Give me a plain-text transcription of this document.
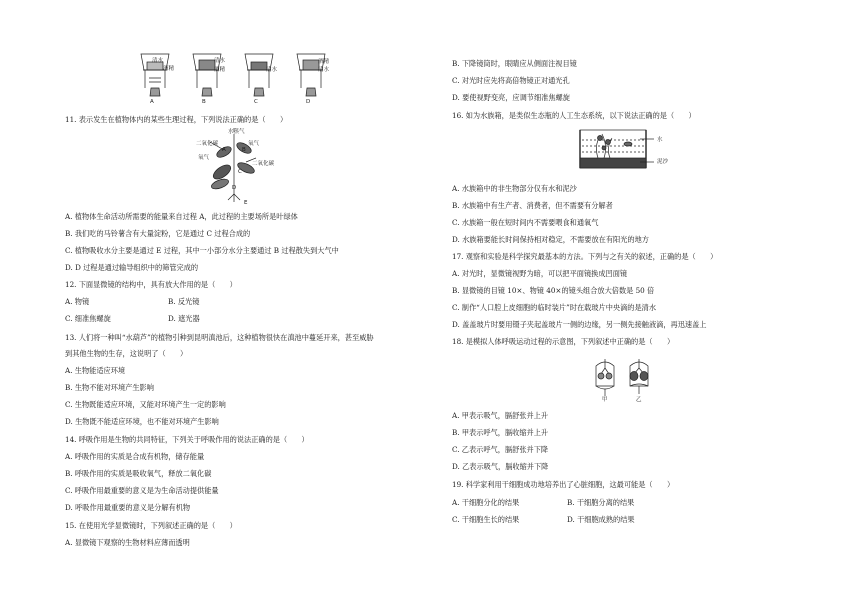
酒精
清水	清水
酒精	清水
酒精
清水
A	B	C	D
11. 表示发生在植物体内的某些生理过程，下列说法正确的是（　　）
水蒸气
二氧化碳
氧气
氧气
二氧化碳
A	B
C
D
E
A. 植物体生命活动所需要的能量来自过程 A，此过程的主要场所是叶绿体
B. 我们吃的马铃薯含有大量淀粉，它是通过 C 过程合成的
C. 植物吸收水分主要是通过 E 过程，其中一小部分水分主要通过 B 过程散失到大气中
D. D 过程是通过输导组织中的筛管完成的
12. 下面显微镜的结构中，具有放大作用的是（　　）
A. 物镜	B. 反光镜
C. 细准焦螺旋	D. 遮光器
13. 人们将一种叫“水葫芦”的植物引种到昆明滇池后，这种植物很快在滇池中蔓延开来，甚至威胁
到其他生物的生存，这说明了（　　）
A. 生物能适应环境
B. 生物不能对环境产生影响
C. 生物既能适应环境，又能对环境产生一定的影响
D. 生物既不能适应环境，也不能对环境产生影响
14. 呼吸作用是生物的共同特征，下列关于呼吸作用的说法正确的是（　　）
A. 呼吸作用的实质是合成有机物，储存能量
B. 呼吸作用的实质是吸收氧气，释放二氧化碳
C. 呼吸作用最重要的意义是为生命活动提供能量
D. 呼吸作用最重要的意义是分解有机物
15. 在使用光学显微镜时，下列叙述正确的是（　　）
A. 显微镜下观察的生物材料应薄而透明
B. 下降镜筒时，眼睛应从侧面注视目镜
C. 对光时应先将高倍物镜正对通光孔
D. 要使视野变亮，应调节细准焦螺旋
16. 如为水族箱，是类似生态瓶的人工生态系统，以下说法正确的是（　　）
水
泥沙
A. 水族箱中的非生物部分仅有水和泥沙
B. 水族箱中有生产者、消费者，但不需要有分解者
C. 水族箱一般在短时间内不需要喂食和通氧气
D. 水族箱要能长时间保持相对稳定，不需要放在有阳光的地方
17. 观察和实验是科学探究最基本的方法。下列与之有关的叙述，正确的是（　　）
A. 对光时，显微镜视野为暗，可以把平面镜换成凹面镜
B. 显微镜的目镜 10×、物镜 40×的镜头组合放大倍数是 50 倍
C. 制作“人口腔上皮细胞的临时装片”时在载玻片中央滴的是清水
D. 盖盖玻片时要用镊子夹起盖玻片一侧的边缘，另一侧先接触液滴，再迅速盖上
18. 是模拟人体呼吸运动过程的示意图，下列叙述中正确的是（　　）
甲	乙
A. 甲表示吸气，膈舒张并上升
B. 甲表示呼气，膈收缩并上升
C. 乙表示呼气，膈舒张并下降
D. 乙表示吸气，膈收缩并下降
19. 科学家利用干细胞成功地培养出了心脏细胞，这最可能是（　　）
A. 干细胞分化的结果	B. 干细胞分离的结果
C. 干细胞生长的结果	D. 干细胞成熟的结果
